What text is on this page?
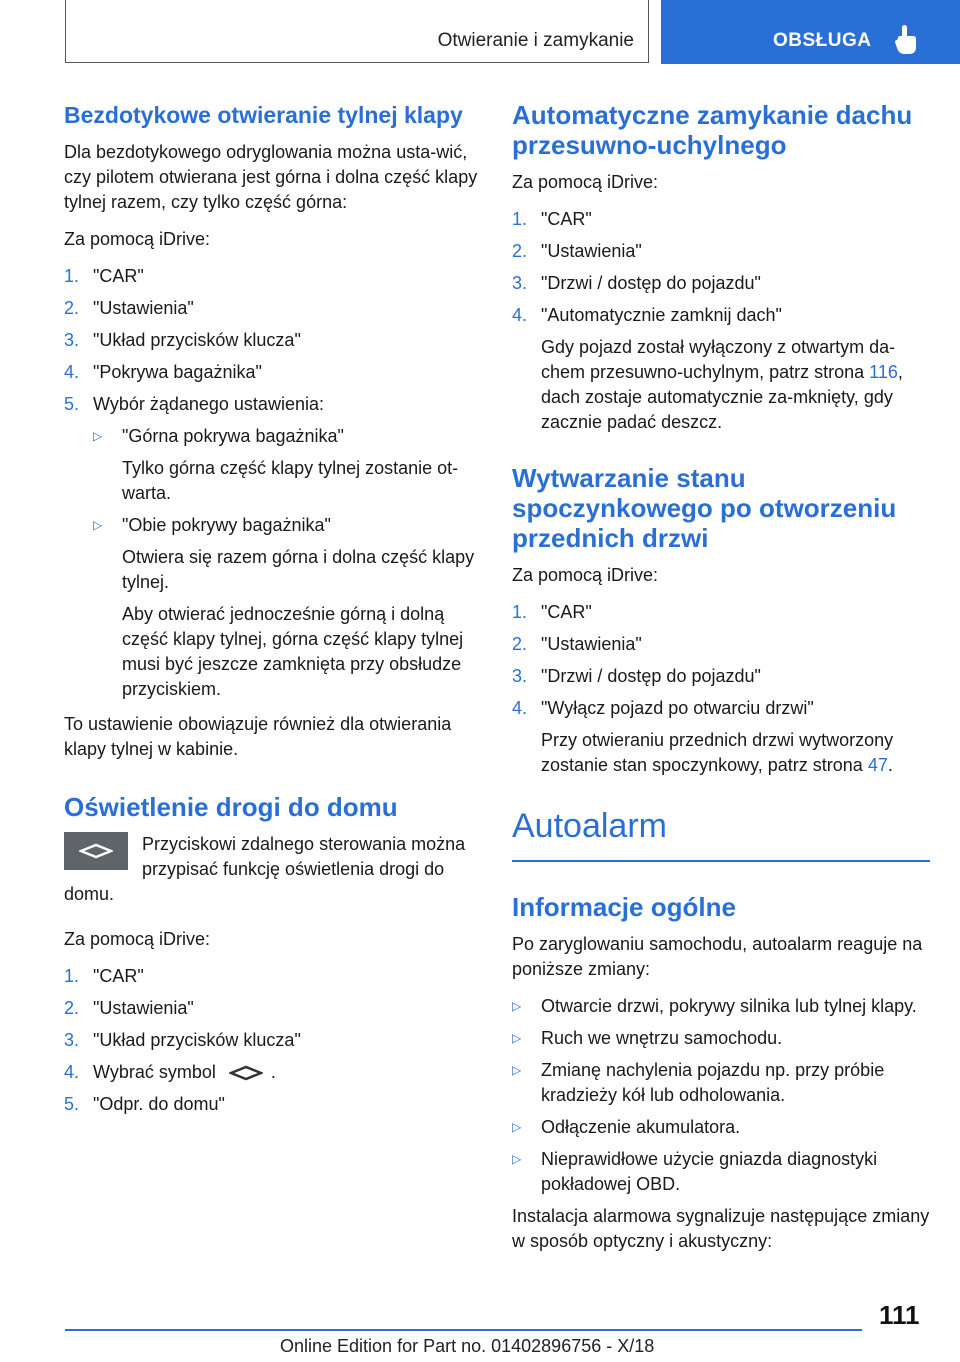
Otwieranie i zamykanie	OBSŁUGA
Bezdotykowe otwieranie tylnej klapy

Dla bezdotykowego odryglowania można usta-wić, czy pilotem otwierana jest górna i dolna część klapy tylnej razem, czy tylko część górna:

Za pomocą iDrive:

1. "CAR"
2. "Ustawienia"
3. "Układ przycisków klucza"
4. "Pokrywa bagażnika"
5. Wybór żądanego ustawienia:
▷ "Górna pokrywa bagażnika"

Tylko górna część klapy tylnej zostanie ot-warta.

▷ "Obie pokrywy bagażnika"

Otwiera się razem górna i dolna część klapy tylnej.

Aby otwierać jednocześnie górną i dolną część klapy tylnej, górna część klapy tylnej musi być jeszcze zamknięta przy obsłudze przyciskiem.

To ustawienie obowiązuje również dla otwierania klapy tylnej w kabinie.

Oświetlenie drogi do domu

Przyciskowi zdalnego sterowania można przypisać funkcję oświetlenia drogi do domu.

Za pomocą iDrive:

1. "CAR"
2. "Ustawienia"
3. "Układ przycisków klucza"
4. Wybrać symbol	.
5. "Odpr. do domu"
Automatyczne zamykanie dachu przesuwno-uchylnego

Za pomocą iDrive:

1. "CAR"
2. "Ustawienia"
3. "Drzwi / dostęp do pojazdu"
4. "Automatycznie zamknij dach"

Gdy pojazd został wyłączony z otwartym da-chem przesuwno-uchylnym, patrz strona 116, dach zostaje automatycznie za-mknięty, gdy zacznie padać deszcz.

Wytwarzanie stanu spoczynkowego po otworzeniu przednich drzwi

Za pomocą iDrive:

1. "CAR"
2. "Ustawienia"
3. "Drzwi / dostęp do pojazdu"
4. "Wyłącz pojazd po otwarciu drzwi"

Przy otwieraniu przednich drzwi wytworzony zostanie stan spoczynkowy, patrz strona 47.

Autoalarm
Informacje ogólne

Po zaryglowaniu samochodu, autoalarm reaguje na poniższe zmiany:

▷ Otwarcie drzwi, pokrywy silnika lub tylnej klapy.
▷ Ruch we wnętrzu samochodu.
▷ Zmianę nachylenia pojazdu np. przy próbie kradzieży kół lub odholowania.
▷ Odłączenie akumulatora.
▷ Nieprawidłowe użycie gniazda diagnostyki pokładowej OBD.

Instalacja alarmowa sygnalizuje następujące zmiany w sposób optyczny i akustyczny:

111
Online Edition for Part no. 01402896756 - X/18
